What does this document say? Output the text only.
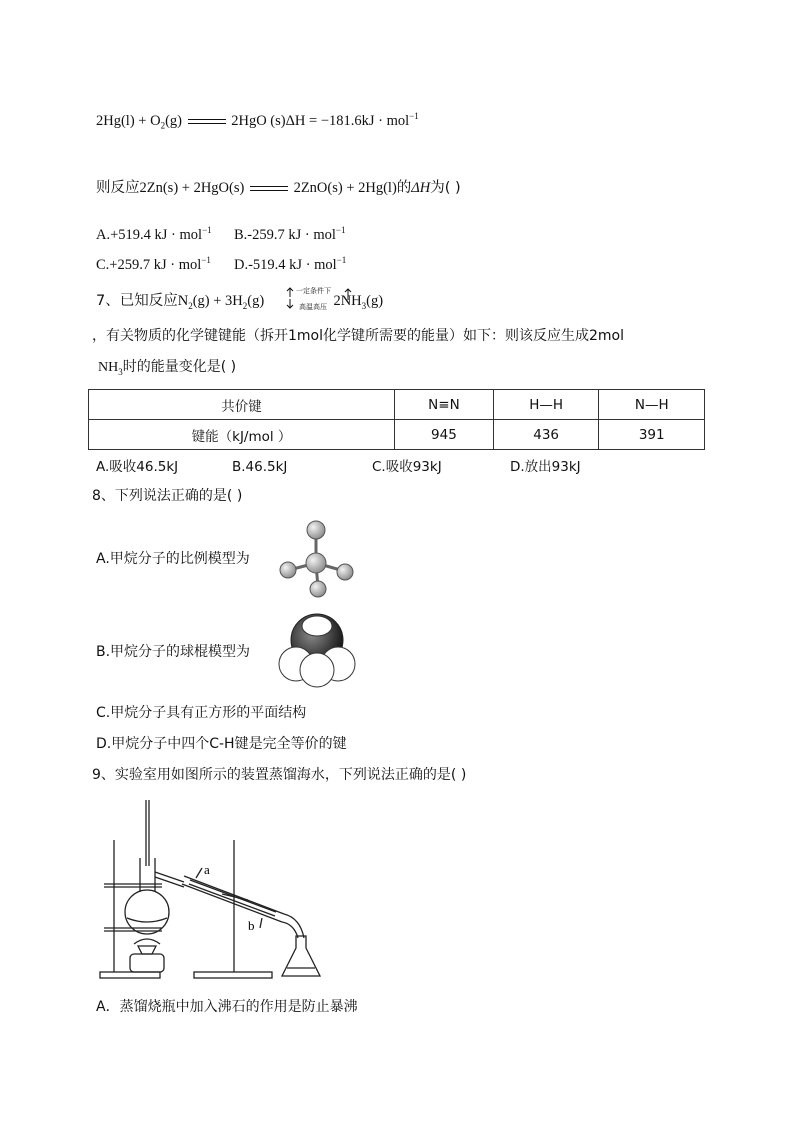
$2Hg(l) + O_2(g)$	2HgO (s)ΔH = −181.6kJ · mol$^{-1}$
则反应2Zn(s) + 2HgO(s)	2ZnO(s) + 2Hg(l)的ΔH为( )
A.+519.4 kJ · mol$^{-1}$ B.-259.7 kJ · mol$^{-1}$
C.+259.7 kJ · mol$^{-1}$ D.-519.4 kJ · mol$^{-1}$
7、已知反应$N_2(g) + 3H_2(g)$	$2NH_3(g)$
一定条件下
高温高压
，有关物质的化学键键能（拆开1mol化学键所需要的能量）如下：则该反应生成2mol
$NH_3$时的能量变化是( )
共价键	N≡N	H—H	N—H
键能（kJ/mol ）	945	436	391
A.吸收46.5kJ	B.46.5kJ	C.吸收93kJ	D.放出93kJ
8、下列说法正确的是( )
A.甲烷分子的比例模型为
B.甲烷分子的球棍模型为
C.甲烷分子具有正方形的平面结构
D.甲烷分子中四个C-H键是完全等价的键
9、实验室用如图所示的装置蒸馏海水，下列说法正确的是( )
a
b
A．蒸馏烧瓶中加入沸石的作用是防止暴沸
